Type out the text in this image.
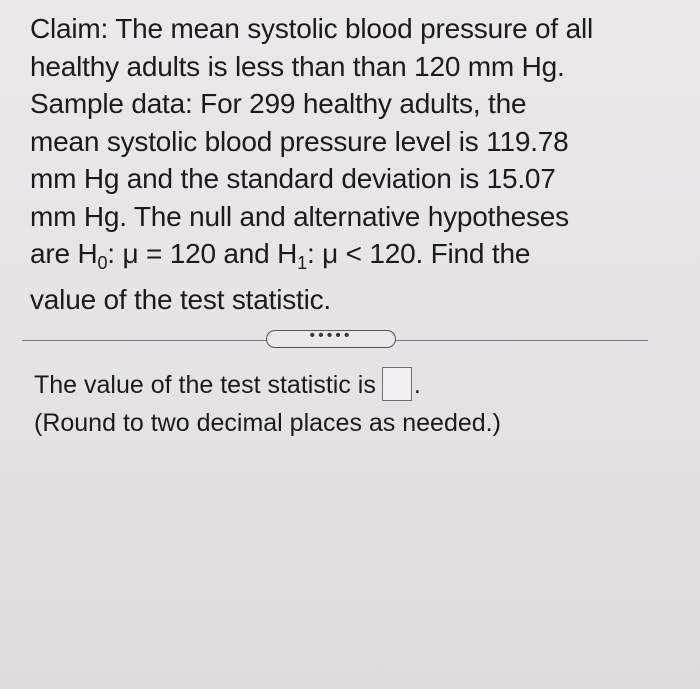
Claim: The mean systolic blood pressure of all
healthy adults is less than than 120 mm Hg.
Sample data: For 299 healthy adults, the
mean systolic blood pressure level is 119.78
mm Hg and the standard deviation is 15.07
mm Hg. The null and alternative hypotheses
are $H_0$: μ = 120 and $H_1$: μ < 120. Find the
value of the test statistic.
•••••
The value of the test statistic is .
(Round to two decimal places as needed.)
